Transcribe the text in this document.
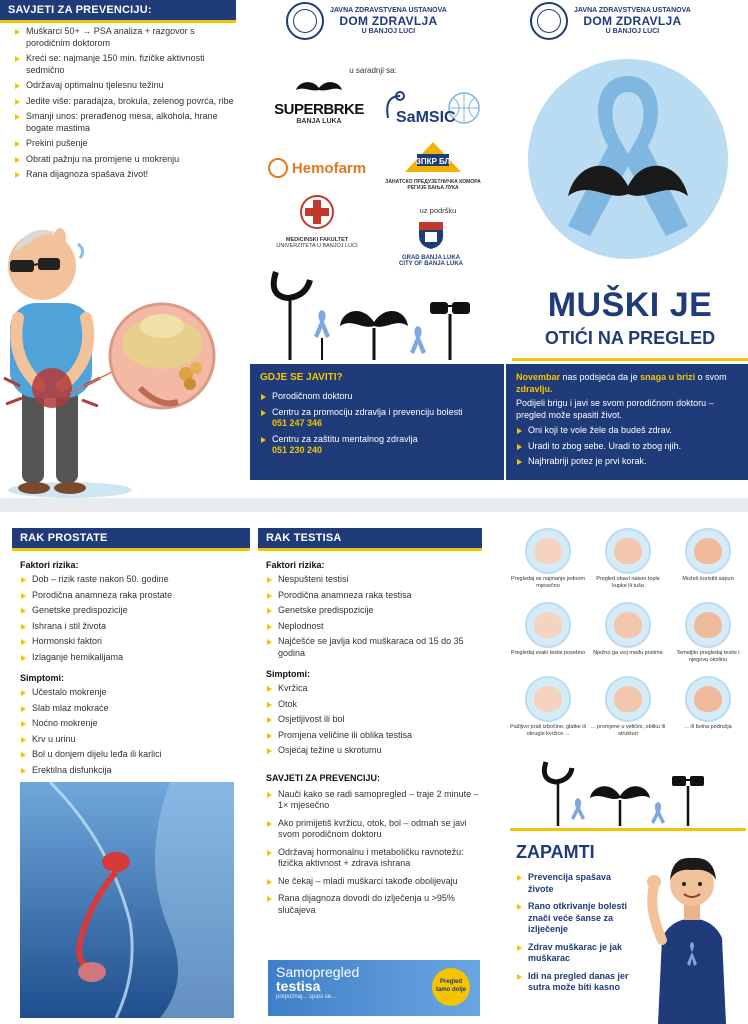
SAVJETI ZA PREVENCIJU:
Muškarci 50+ → PSA analiza + razgovor s porodičnim doktorom
Kreći se: najmanje 150 min. fizičke aktivnosti sedmično
Održavaj optimalnu tjelesnu težinu
Jedite više: paradajza, brokula, zelenog povrća, ribe
Smanji unos: prerađenog mesa, alkohola, hrane bogate mastima
Prekini pušenje
Obrati pažnju na promjene u mokrenju
Rana dijagnoza spašava život!
JAVNA ZDRAVSTVENA USTANOVA
DOM ZDRAVLJA
U BANJOJ LUCI
u saradnji sa:
SUPERBRKE
BANJA LUKA	SaMSIC
Hemofarm	ЗПКР БЛ
ЗАНАТСКО ПРЕДУЗЕТНИЧКА КОМОРА РЕГИЈЕ БАЊА ЛУКА
MEDICINSKI FAKULTET
UNIVERZITETA U BANJOJ LUCI
uz podršku
GRAD BANJA LUKA
CITY OF BANJA LUKA
GDJE SE JAVITI?
Porodičnom doktoru
Centru za promociju zdravlja i prevenciju bolesti
051 247 346
Centru za zaštitu mentalnog zdravlja
051 230 240
JAVNA ZDRAVSTVENA USTANOVA
DOM ZDRAVLJA
U BANJOJ LUCI
MUŠKI JE
OTIĆI NA PREGLED
Novembar nas podsjeća da je snaga u brizi o svom zdravlju.
Podijeli brigu i javi se svom porodičnom doktoru – pregled može spasiti život.
Oni koji te vole žele da budeš zdrav.
Uradi to zbog sebe. Uradi to zbog njih.
Najhrabriji potez je prvi korak.
RAK PROSTATE
Faktori rizika:
Dob – rizik raste nakon 50. godine
Porodična anamneza raka prostate
Genetske predispozicije
Ishrana i stil života
Hormonski faktori
Izlaganje hemikalijama
Simptomi:
Učestalo mokrenje
Slab mlaz mokraće
Noćno mokrenje
Krv u urinu
Bol u donjem dijelu leđa ili karlici
Erektilna disfunkcija
RAK TESTISA
Faktori rizika:
Nespušteni testisi
Porodična anamneza raka testisa
Genetske predispozicije
Neplodnost
Najčešće se javlja kod muškaraca od 15 do 35 godina
Simptomi:
Kvržica
Otok
Osjetljivost ili bol
Promjena veličine ili oblika testisa
Osjećaj težine u skrotumu
SAVJETI ZA PREVENCIJU:
Nauči kako se radi samopregled – traje 2 minute – 1× mjesečno
Ako primijetiš kvržicu, otok, bol – odmah se javi svom porodičnom doktoru
Održavaj hormonalnu i metaboličku ravnotežu: fizička aktivnost + zdrava ishrana
Ne čekaj – mladi muškarci takođe obolijevaju
Rana dijagnoza dovodi do izlječenja u >95% slučajeva
Samopregled
testisa
prepoznaj... spasi se...
Pregled
tamo dolje
Pregledaj se najmanje jednom mjesečno
Pregled obavi nakon tople kupke ili tuša
Možeš koristiti sapun
Pregledaj svaki testis posebno	Nježno ga uvij među prstima	Temeljito pregledaj testis i njegovu okolinu
Pažljivo prati izbočine, glatke ili okrugle kvržice ...
... promjene u veličini, obliku ili strukturi
... ili bolna područja
ZAPAMTI
Prevencija spašava živote
Rano otkrivanje bolesti znači veće šanse za izlječenje
Zdrav muškarac je jak muškarac
Idi na pregled danas jer sutra može biti kasno
